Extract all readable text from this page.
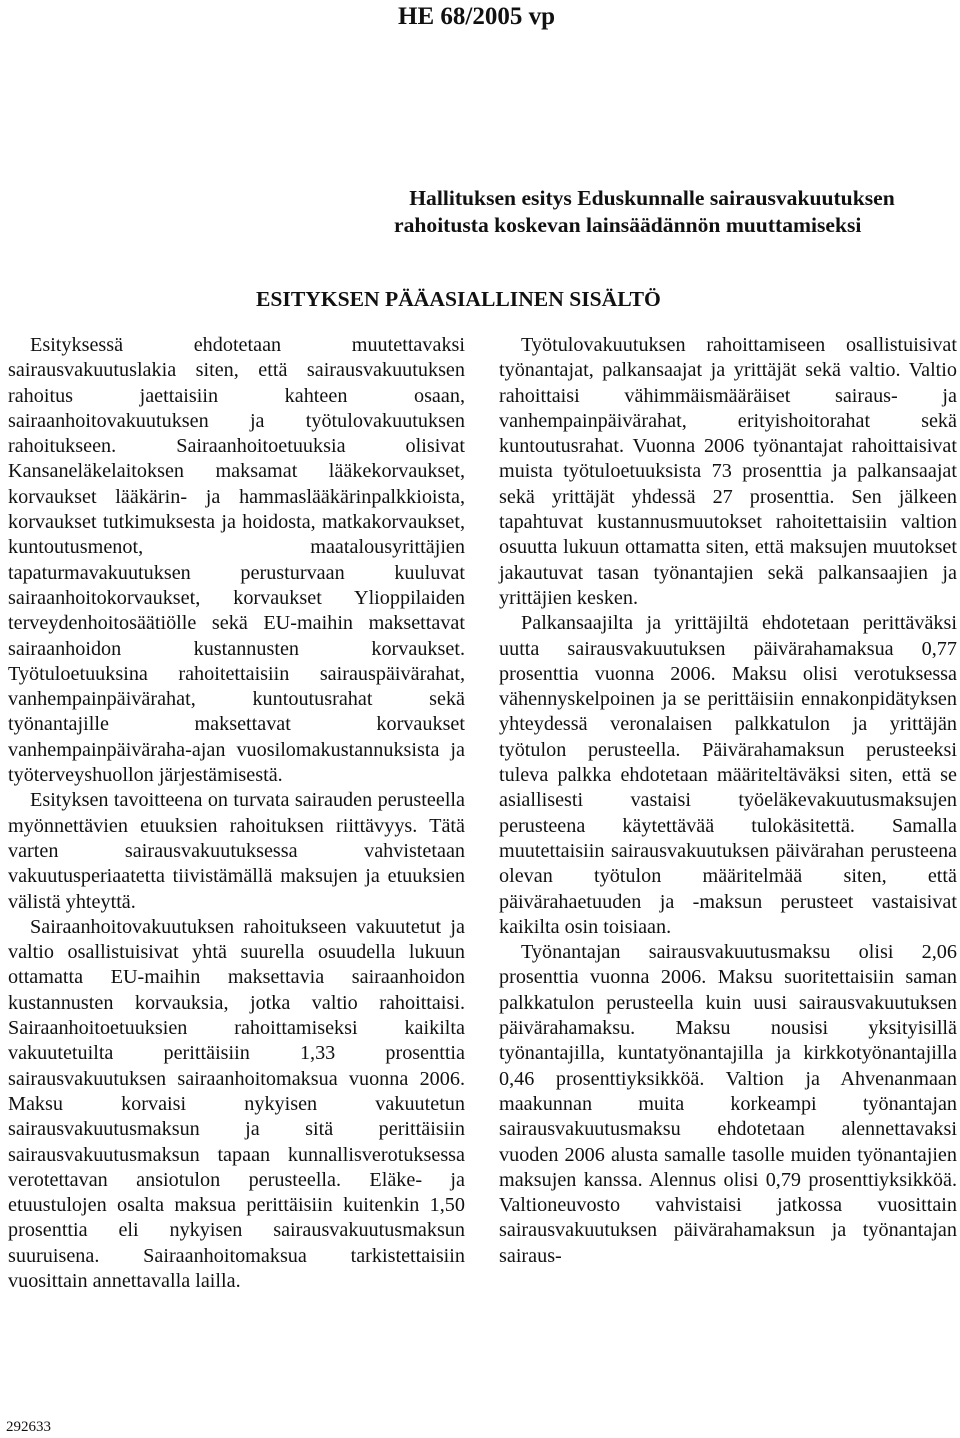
HE 68/2005 vp
Hallituksen esitys Eduskunnalle sairausvakuutuksen
rahoitusta koskevan lainsäädännön muuttamiseksi
ESITYKSEN PÄÄASIALLINEN SISÄLTÖ

Esityksessä ehdotetaan muutettavaksi sairausvakuutuslakia siten, että sairausvakuutuksen rahoitus jaettaisiin kahteen osaan, sairaanhoitovakuutuksen ja työtulovakuutuksen rahoitukseen. Sairaanhoitoetuuksia olisivat Kansaneläkelaitoksen maksamat lääkekorvaukset, korvaukset lääkärin- ja hammaslääkärinpalkkioista, korvaukset tutkimuksesta ja hoidosta, matkakorvaukset, kuntoutusmenot, maatalousyrittäjien tapaturmavakuutuksen perusturvaan kuuluvat sairaanhoitokorvaukset, korvaukset Ylioppilaiden terveydenhoitosäätiölle sekä EU-maihin maksettavat sairaanhoidon kustannusten korvaukset. Työtuloetuuksina rahoitettaisiin sairauspäivärahat, vanhempainpäivärahat, kuntoutusrahat sekä työnantajille maksettavat korvaukset vanhempainpäiväraha-ajan vuosilomakustannuksista ja työterveyshuollon järjestämisestä.

Esityksen tavoitteena on turvata sairauden perusteella myönnettävien etuuksien rahoituksen riittävyys. Tätä varten sairausvakuutuksessa vahvistetaan vakuutusperiaatetta tiivistämällä maksujen ja etuuksien välistä yhteyttä.

Sairaanhoitovakuutuksen rahoitukseen vakuutetut ja valtio osallistuisivat yhtä suurella osuudella lukuun ottamatta EU-maihin maksettavia sairaanhoidon kustannusten korvauksia, jotka valtio rahoittaisi. Sairaanhoitoetuuksien rahoittamiseksi kaikilta vakuutetuilta perittäisiin 1,33 prosenttia sairausvakuutuksen sairaanhoitomaksua vuonna 2006. Maksu korvaisi nykyisen vakuutetun sairausvakuutusmaksun ja sitä perittäisiin sairausvakuutusmaksun tapaan kunnallisverotuksessa verotettavan ansiotulon perusteella. Eläke- ja etuustulojen osalta maksua perittäisiin kuitenkin 1,50 prosenttia eli nykyisen sairausvakuutusmaksun suuruisena. Sairaanhoitomaksua tarkistettaisiin vuosittain annettavalla lailla.

Työtulovakuutuksen rahoittamiseen osallistuisivat työnantajat, palkansaajat ja yrittäjät sekä valtio. Valtio rahoittaisi vähimmäismääräiset sairaus- ja vanhempainpäivärahat, erityishoitorahat sekä kuntoutusrahat. Vuonna 2006 työnantajat rahoittaisivat muista työtuloetuuksista 73 prosenttia ja palkansaajat sekä yrittäjät yhdessä 27 prosenttia. Sen jälkeen tapahtuvat kustannusmuutokset rahoitettaisiin valtion osuutta lukuun ottamatta siten, että maksujen muutokset jakautuvat tasan työnantajien sekä palkansaajien ja yrittäjien kesken.

Palkansaajilta ja yrittäjiltä ehdotetaan perittäväksi uutta sairausvakuutuksen päivärahamaksua 0,77 prosenttia vuonna 2006. Maksu olisi verotuksessa vähennyskelpoinen ja se perittäisiin ennakonpidätyksen yhteydessä veronalaisen palkkatulon ja yrittäjän työtulon perusteella. Päivärahamaksun perusteeksi tuleva palkka ehdotetaan määriteltäväksi siten, että se asiallisesti vastaisi työeläkevakuutusmaksujen perusteena käytettävää tulokäsitettä. Samalla muutettaisiin sairausvakuutuksen päivärahan perusteena olevan työtulon määritelmää siten, että päivärahaetuuden ja -maksun perusteet vastaisivat kaikilta osin toisiaan.

Työnantajan sairausvakuutusmaksu olisi 2,06 prosenttia vuonna 2006. Maksu suoritettaisiin saman palkkatulon perusteella kuin uusi sairausvakuutuksen päivärahamaksu. Maksu nousisi yksityisillä työnantajilla, kuntatyönantajilla ja kirkkotyönantajilla 0,46 prosenttiyksikköä. Valtion ja Ahvenanmaan maakunnan muita korkeampi työnantajan sairausvakuutusmaksu ehdotetaan alennettavaksi vuoden 2006 alusta samalle tasolle muiden työnantajien maksujen kanssa. Alennus olisi 0,79 prosenttiyksikköä. Valtioneuvosto vahvistaisi jatkossa vuosittain sairausvakuutuksen päivärahamaksun ja työnantajan sairaus-

292633
